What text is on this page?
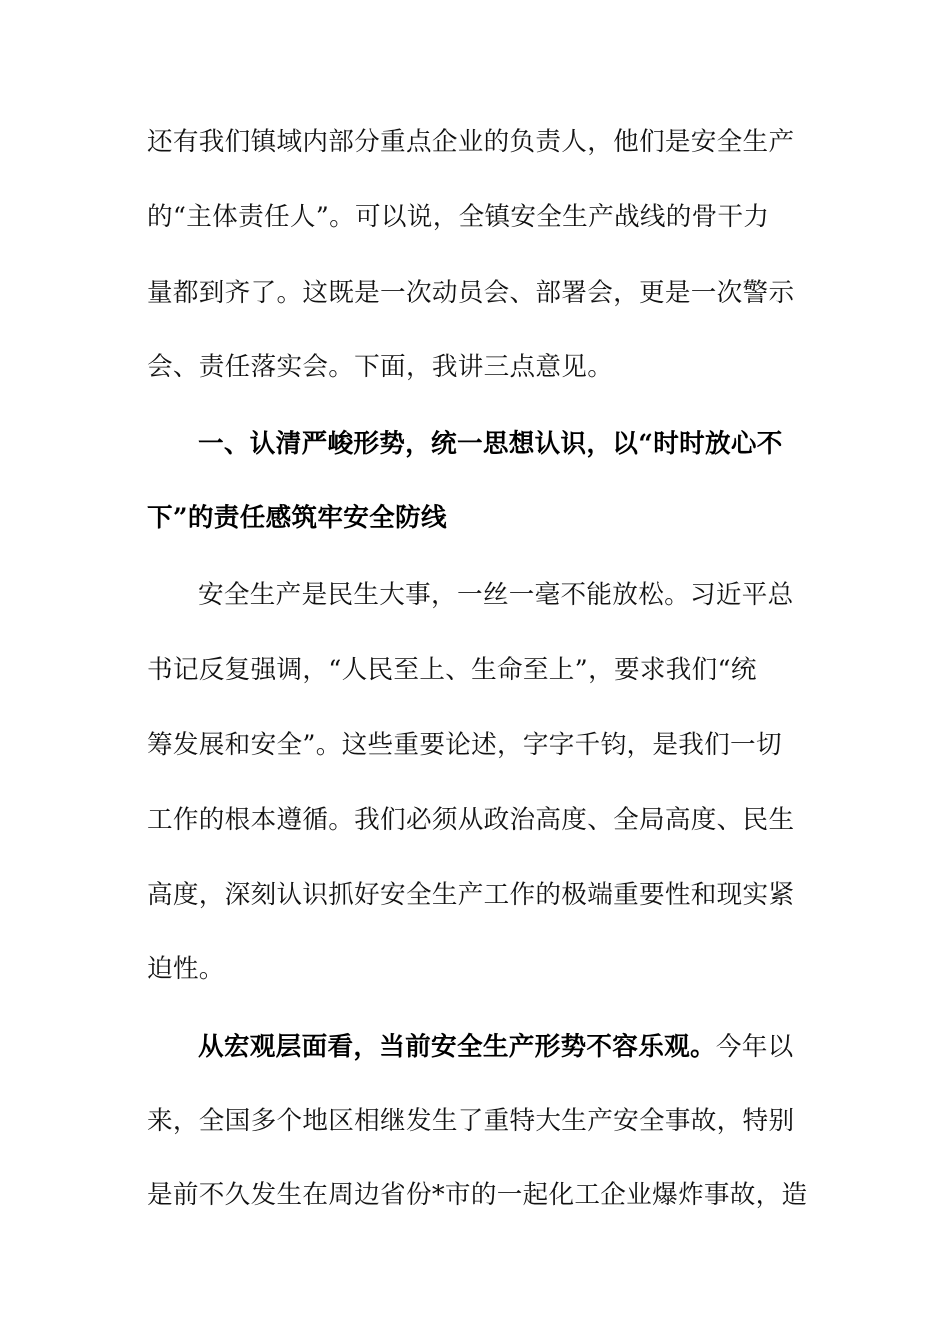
还有我们镇域内部分重点企业的负责人，他们是安全生产
的“主体责任人”。可以说，全镇安全生产战线的骨干力
量都到齐了。这既是一次动员会、部署会，更是一次警示
会、责任落实会。下面，我讲三点意见。
一、认清严峻形势，统一思想认识，以“时时放心不
下”的责任感筑牢安全防线
安全生产是民生大事，一丝一毫不能放松。习近平总
书记反复强调，“人民至上、生命至上”，要求我们“统
筹发展和安全”。这些重要论述，字字千钧，是我们一切
工作的根本遵循。我们必须从政治高度、全局高度、民生
高度，深刻认识抓好安全生产工作的极端重要性和现实紧
迫性。
从宏观层面看，当前安全生产形势不容乐观。今年以
来，全国多个地区相继发生了重特大生产安全事故，特别
是前不久发生在周边省份*市的一起化工企业爆炸事故，造
